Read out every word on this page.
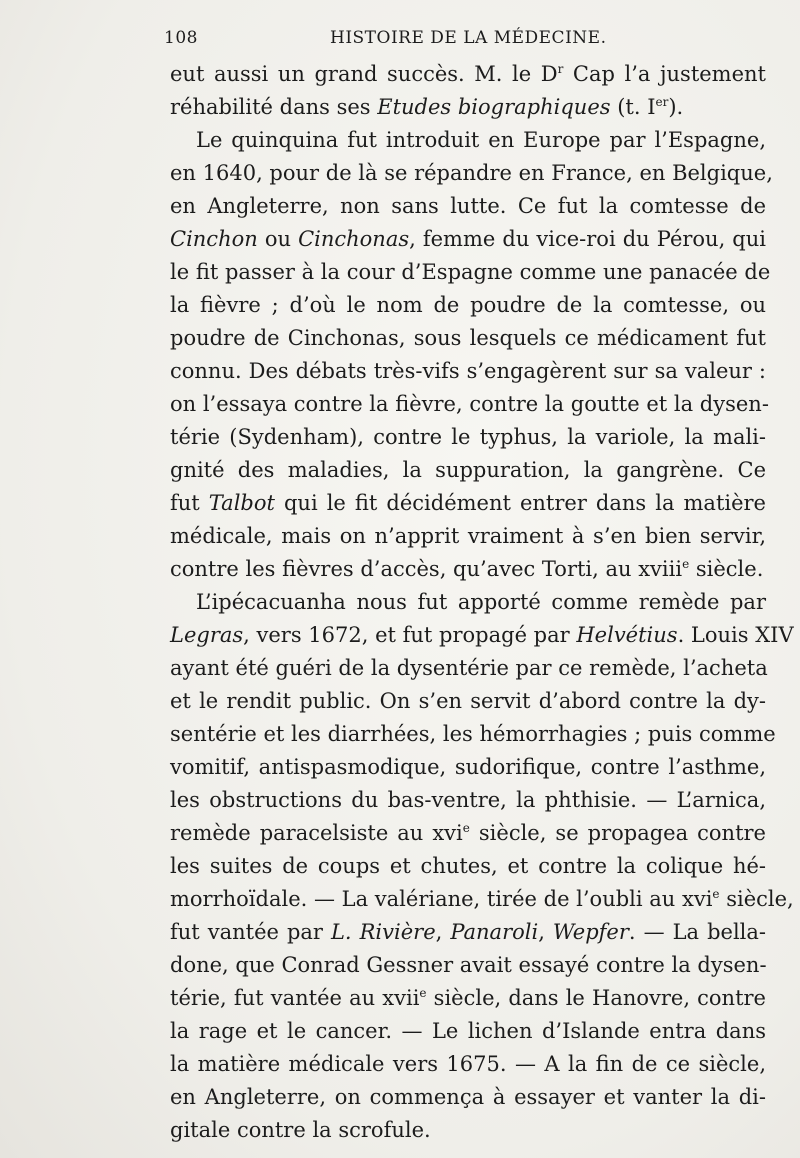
108	HISTOIRE DE LA MÉDECINE.
eut aussi un grand succès. M. le $D^r$ Cap l’a justement
réhabilité dans ses Etudes biographiques (t. Ier).
Le quinquina fut introduit en Europe par l’Espagne,
en 1640, pour de là se répandre en France, en Belgique,
en Angleterre, non sans lutte. Ce fut la comtesse de
Cinchon ou Cinchonas, femme du vice-roi du Pérou, qui
le fit passer à la cour d’Espagne comme une panacée de
la fièvre ; d’où le nom de poudre de la comtesse, ou
poudre de Cinchonas, sous lesquels ce médicament fut
connu. Des débats très-vifs s’engagèrent sur sa valeur :
on l’essaya contre la fièvre, contre la goutte et la dysen-
térie (Sydenham), contre le typhus, la variole, la mali-
gnité des maladies, la suppuration, la gangrène. Ce
fut Talbot qui le fit décidément entrer dans la matière
médicale, mais on n’apprit vraiment à s’en bien servir,
contre les fièvres d’accès, qu’avec Torti, au xviii$^e$ siècle.
L’ipécacuanha nous fut apporté comme remède par
Legras, vers 1672, et fut propagé par Helvétius. Louis XIV
ayant été guéri de la dysentérie par ce remède, l’acheta
et le rendit public. On s’en servit d’abord contre la dy-
sentérie et les diarrhées, les hémorrhagies ; puis comme
vomitif, antispasmodique, sudorifique, contre l’asthme,
les obstructions du bas-ventre, la phthisie. — L’arnica,
remède paracelsiste au xvi$^e$ siècle, se propagea contre
les suites de coups et chutes, et contre la colique hé-
morrhoïdale. — La valériane, tirée de l’oubli au xvi$^e$ siècle,
fut vantée par L. Rivière, Panaroli, Wepfer. — La bella-
done, que Conrad Gessner avait essayé contre la dysen-
térie, fut vantée au xvii$^e$ siècle, dans le Hanovre, contre
la rage et le cancer. — Le lichen d’Islande entra dans
la matière médicale vers 1675. — A la fin de ce siècle,
en Angleterre, on commença à essayer et vanter la di-
gitale contre la scrofule.
